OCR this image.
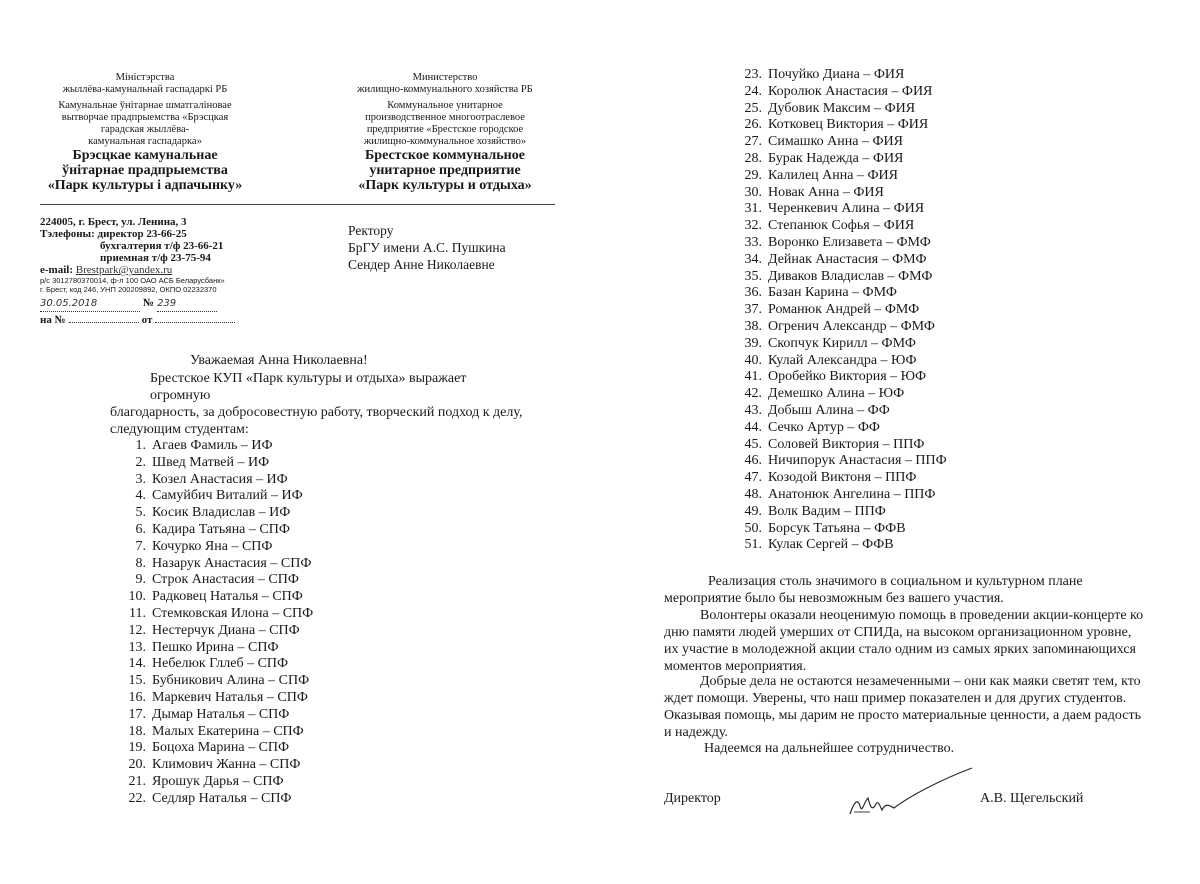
Міністэрства
жыллёва-камунальнай гаспадаркі РБ
Камунальнае ўнітарнае шматгаліновае
вытворчае прадпрыемства «Брэсцкая
гарадская жыллёва-
камунальная гаспадарка»
Брэсцкае камунальнае
ўнітарнае прадпрыемства
«Парк культуры і адпачынку»
Министерство
жилищно-коммунального хозяйства РБ
Коммунальное унитарное
производственное многоотраслевое
предприятие «Брестское городское
жилищно-коммунальное хозяйство»
Брестское коммунальное
унитарное предприятие
«Парк культуры и отдыха»
224005, г. Брест, ул. Ленина, 3
Тэлефоны: директор 23-66-25
бухгалтерия т/ф 23-66-21
приемная т/ф 23-75-94
e-mail: Brestpark@yandex.ru
р/с 3012780370014, ф-л 100 ОАО АСБ Беларусбанк»
г. Брест, код 246, УНП 200209892, ОКПО 02232370
30.05.2018	№ 239
на №	от
Ректору
БрГУ имени А.С. Пушкина
Сендер Анне Николаевне
Уважаемая Анна Николаевна!
Брестское КУП «Парк культуры и отдыха» выражает огромную
благодарность, за добросовестную работу, творческий подход к делу,
следующим студентам:
1. Агаев Фамиль – ИФ
2. Швед Матвей – ИФ
3. Козел Анастасия – ИФ
4. Самуйбич Виталий – ИФ
5. Косик Владислав – ИФ
6. Кадира Татьяна – СПФ
7. Кочурко Яна – СПФ
8. Назарук Анастасия – СПФ
9. Строк Анастасия – СПФ
10. Радковец Наталья – СПФ
11. Стемковская Илона – СПФ
12. Нестерчук Диана – СПФ
13. Пешко Ирина – СПФ
14. Небелюк Гллеб – СПФ
15. Бубникович Алина – СПФ
16. Маркевич Наталья – СПФ
17. Дымар Наталья – СПФ
18. Малых Екатерина – СПФ
19. Боцоха Марина – СПФ
20. Климович Жанна – СПФ
21. Ярошук Дарья – СПФ
22. Седляр Наталья – СПФ
23. Почуйко Диана – ФИЯ
24. Королюк Анастасия – ФИЯ
25. Дубовик Максим – ФИЯ
26. Котковец Виктория – ФИЯ
27. Симашко Анна – ФИЯ
28. Бурак Надежда – ФИЯ
29. Калилец Анна – ФИЯ
30. Новак Анна – ФИЯ
31. Черенкевич Алина – ФИЯ
32. Степанюк Софья – ФИЯ
33. Воронко Елизавета – ФМФ
34. Дейнак Анастасия – ФМФ
35. Диваков Владислав – ФМФ
36. Базан Карина – ФМФ
37. Романюк Андрей – ФМФ
38. Огренич Александр – ФМФ
39. Скопчук Кирилл – ФМФ
40. Кулай Александра – ЮФ
41. Оробейко Виктория – ЮФ
42. Демешко Алина – ЮФ
43. Добыш Алина – ФФ
44. Сечко Артур – ФФ
45. Соловей Виктория – ППФ
46. Ничипорук Анастасия – ППФ
47. Козодой Виктоня – ППФ
48. Анатонюк Ангелина – ППФ
49. Волк Вадим – ППФ
50. Борсук Татьяна – ФФВ
51. Кулак Сергей – ФФВ
Реализация столь значимого в социальном и культурном плане
мероприятие было бы невозможным без вашего участия.
Волонтеры оказали неоценимую помощь в проведении акции-концерте ко
дню памяти людей умерших от СПИДа, на высоком организационном уровне,
их участие в молодежной акции стало одним из самых ярких запоминающихся
моментов мероприятия.
Добрые дела не остаются незамеченными – они как маяки светят тем, кто
ждет помощи. Уверены, что наш пример показателен и для других студентов.
Оказывая помощь, мы дарим не просто материальные ценности, а даем радость
и надежду.
Надеемся на дальнейшее сотрудничество.
Директор	А.В. Щегельский
